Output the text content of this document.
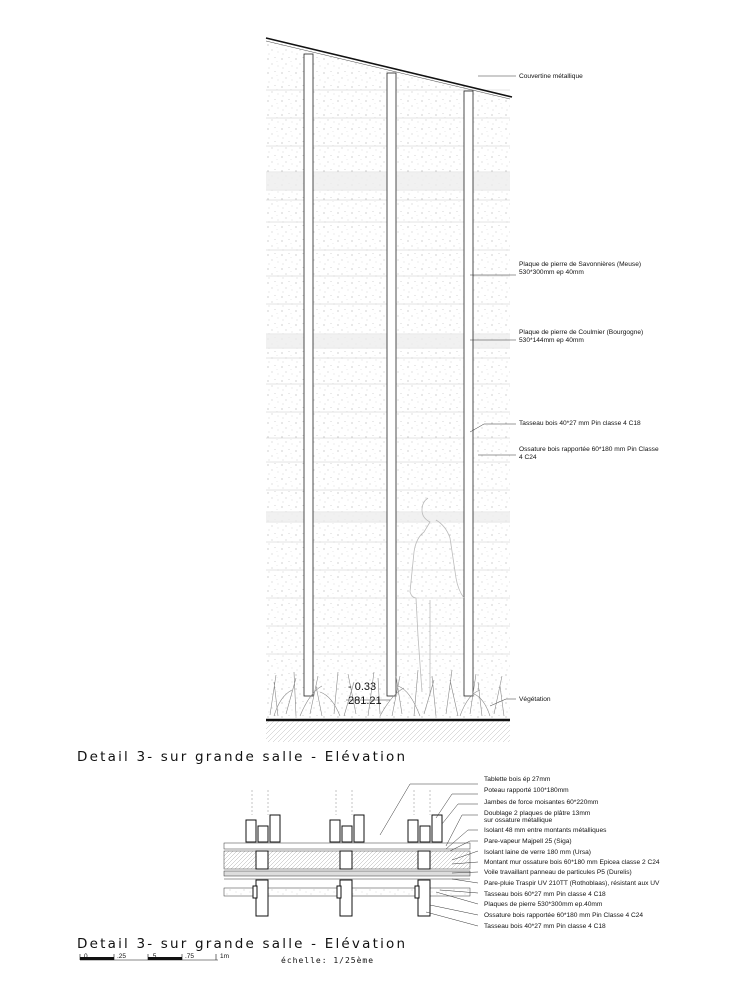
- 0.33
281.21
Couvertine métallique
Plaque de pierre de Savonnières (Meuse)
530*300mm ep 40mm
Plaque de pierre de Coulmier (Bourgogne)
530*144mm ep 40mm
Tasseau bois 40*27 mm Pin classe 4 C18
Ossature bois rapportée 60*180 mm Pin Classe
4 C24
Végétation
Detail 3- sur grande salle - Elévation
Tablette bois ép 27mm
Poteau rapporté 100*180mm
Jambes de force moisantes 60*220mm
Doublage 2 plaques de plâtre 13mm
sur ossature métallique
Isolant 48 mm entre montants métalliques
Pare-vapeur Majpell 25 (Siga)
Isolant laine de verre 180 mm (Ursa)
Montant mur ossature bois 60*180 mm Epicea classe 2 C24
Voile travaillant panneau de particules P5 (Durelis)
Pare-pluie Traspir UV 210TT (Rothoblaas), résistant aux UV
Tasseau bois 60*27 mm Pin classe 4 C18
Plaques de pierre 530*300mm ep.40mm
Ossature bois rapportée 60*180 mm Pin Classe 4 C24
Tasseau bois 40*27 mm Pin classe 4 C18
Detail 3- sur grande salle - Elévation
0	.25	.5	.75	1m	échelle: 1/25ème
